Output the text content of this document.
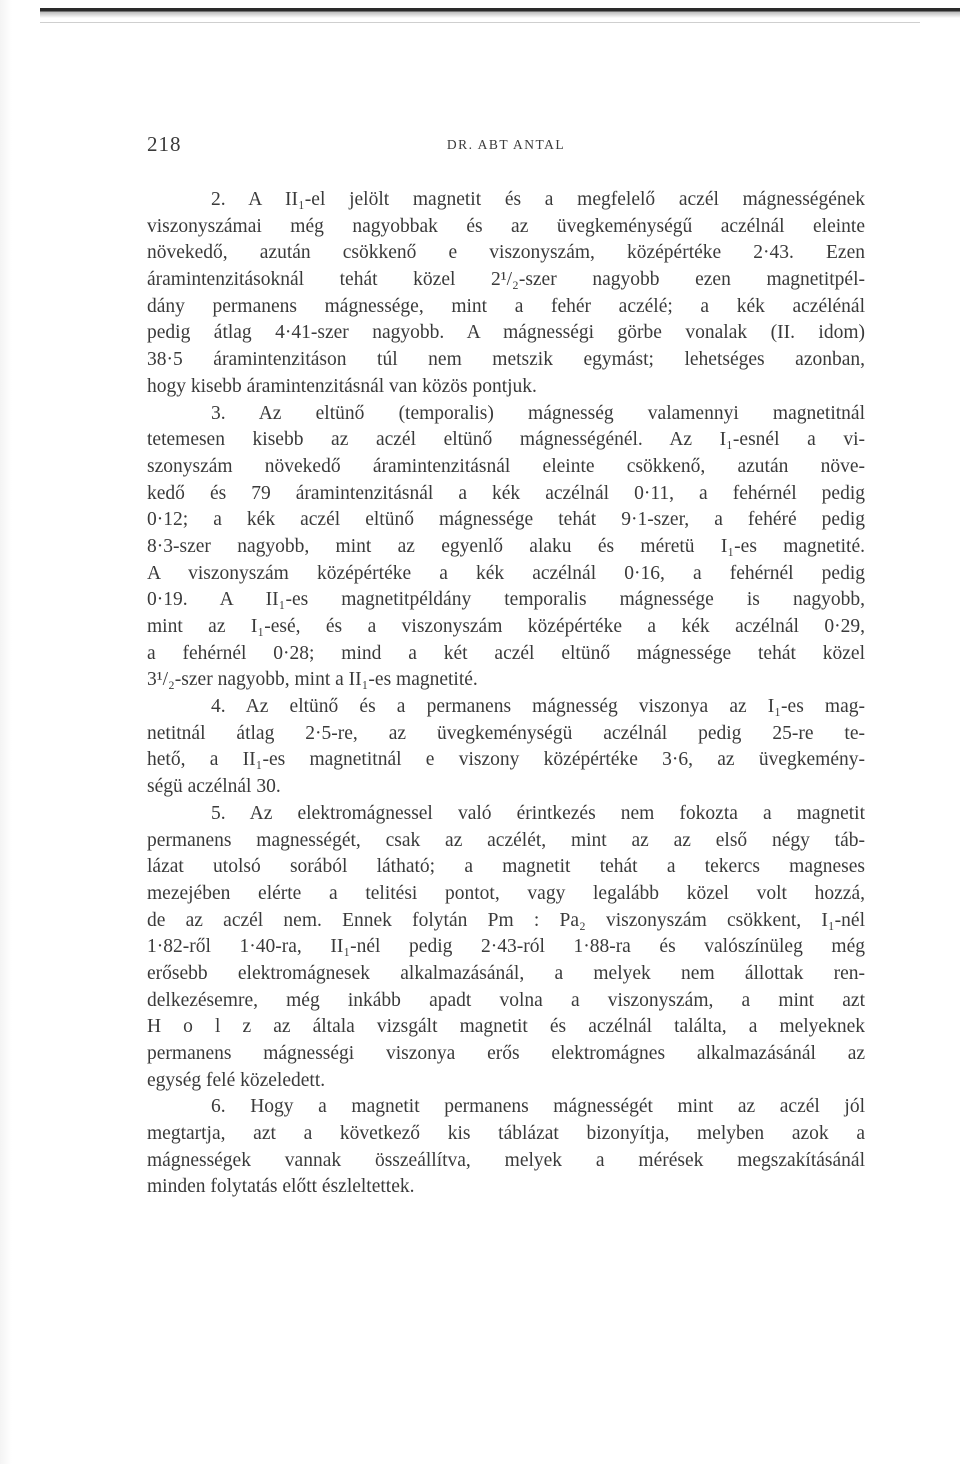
218	DR. ABT ANTAL
2. A II₁-el jelölt magnetit és a megfelelő aczél mágnességének
viszonyszámai még nagyobbak és az üvegkeménységű aczélnál eleinte
növekedő, azután csökkenő e viszonyszám, középértéke 2·43. Ezen
áramintenzitásoknál tehát közel 2¹/₂-szer nagyobb ezen magnetitpél-
dány permanens mágnessége, mint a fehér aczélé; a kék aczélénál
pedig átlag 4·41-szer nagyobb. A mágnességi görbe vonalak (II. idom)
38·5 áramintenzitáson túl nem metszik egymást; lehetséges azonban,
hogy kisebb áramintenzitásnál van közös pontjuk.
3. Az eltünő (temporalis) mágnesség valamennyi magnetitnál
tetemesen kisebb az aczél eltünő mágnességénél. Az I₁-esnél a vi-
szonyszám növekedő áramintenzitásnál eleinte csökkenő, azután növe-
kedő és 79 áramintenzitásnál a kék aczélnál 0·11, a fehérnél pedig
0·12; a kék aczél eltünő mágnessége tehát 9·1-szer, a fehéré pedig
8·3-szer nagyobb, mint az egyenlő alaku és méretü I₁-es magnetité.
A viszonyszám középértéke a kék aczélnál 0·16, a fehérnél pedig
0·19. A II₁-es magnetitpéldány temporalis mágnessége is nagyobb,
mint az I₁-esé, és a viszonyszám középértéke a kék aczélnál 0·29,
a fehérnél 0·28; mind a két aczél eltünő mágnessége tehát közel
3¹/₂-szer nagyobb, mint a II₁-es magnetité.
4. Az eltünő és a permanens mágnesség viszonya az I₁-es mag-
netitnál átlag 2·5-re, az üvegkeménységü aczélnál pedig 25-re te-
hető, a II₁-es magnetitnál e viszony középértéke 3·6, az üvegkemény-
ségü aczélnál 30.
5. Az elektromágnessel való érintkezés nem fokozta a magnetit
permanens magnességét, csak az aczélét, mint az az első négy táb-
lázat utolsó sorából látható; a magnetit tehát a tekercs magneses
mezejében elérte a telitési pontot, vagy legalább közel volt hozzá,
de az aczél nem. Ennek folytán Pm : Pa₂ viszonyszám csökkent, I₁-nél
1·82-ről 1·40-ra, II₁-nél pedig 2·43-ról 1·88-ra és valószínüleg még
erősebb elektromágnesek alkalmazásánál, a melyek nem állottak ren-
delkezésemre, még inkább apadt volna a viszonyszám, a mint azt
H o l z az általa vizsgált magnetit és aczélnál találta, a melyeknek
permanens mágnességi viszonya erős elektromágnes alkalmazásánál az
egység felé közeledett.
6. Hogy a magnetit permanens mágnességét mint az aczél jól
megtartja, azt a következő kis táblázat bizonyítja, melyben azok a
mágnességek vannak összeállítva, melyek a mérések megszakításánál
minden folytatás előtt észleltettek.
